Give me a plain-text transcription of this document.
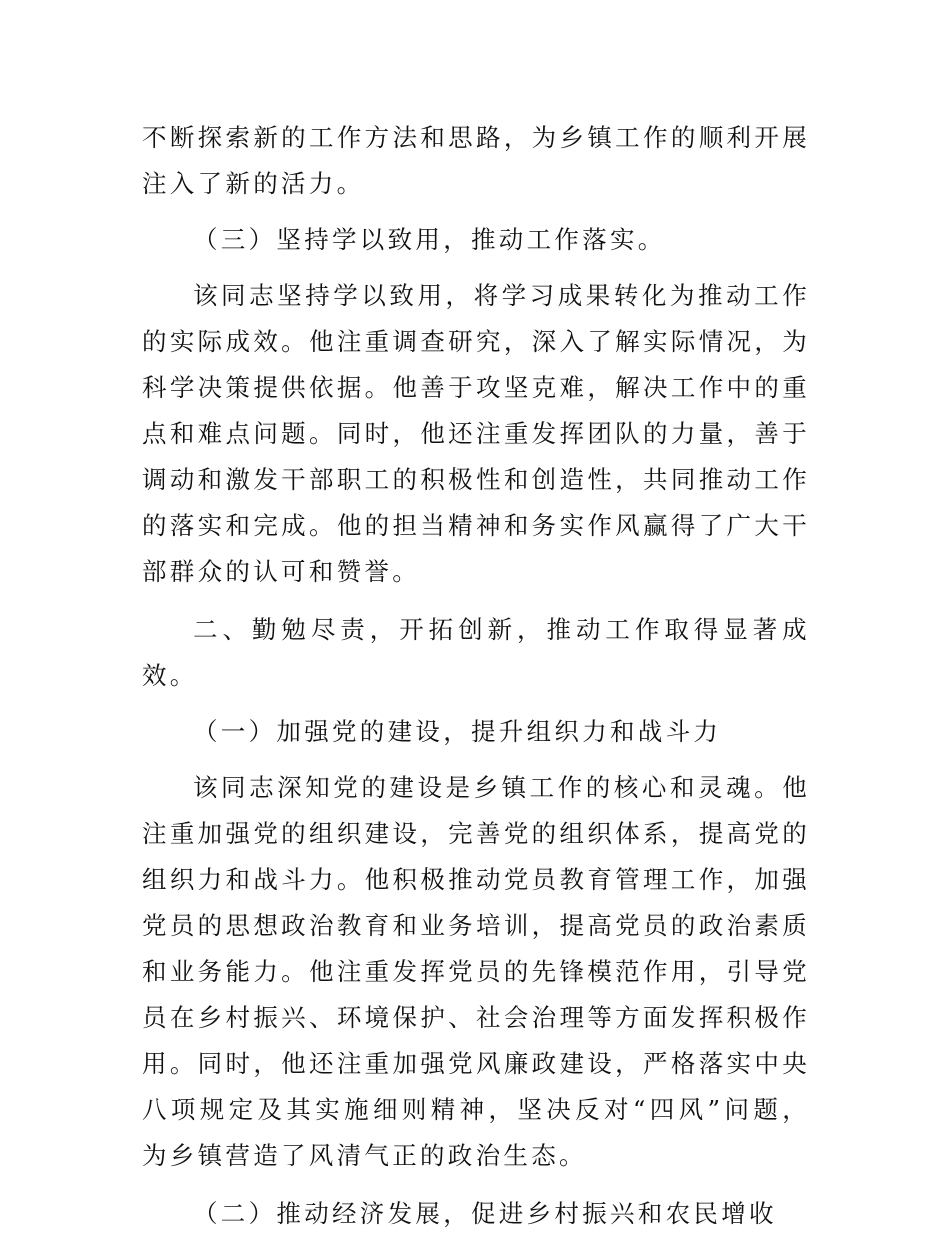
不断探索新的工作方法和思路，为乡镇工作的顺利开展注入了新的活力。

（三）坚持学以致用，推动工作落实。

该同志坚持学以致用，将学习成果转化为推动工作的实际成效。他注重调查研究，深入了解实际情况，为科学决策提供依据。他善于攻坚克难，解决工作中的重点和难点问题。同时，他还注重发挥团队的力量，善于调动和激发干部职工的积极性和创造性，共同推动工作的落实和完成。他的担当精神和务实作风赢得了广大干部群众的认可和赞誉。

二、勤勉尽责，开拓创新，推动工作取得显著成效。

（一）加强党的建设，提升组织力和战斗力

该同志深知党的建设是乡镇工作的核心和灵魂。他注重加强党的组织建设，完善党的组织体系，提高党的组织力和战斗力。他积极推动党员教育管理工作，加强党员的思想政治教育和业务培训，提高党员的政治素质和业务能力。他注重发挥党员的先锋模范作用，引导党员在乡村振兴、环境保护、社会治理等方面发挥积极作用。同时，他还注重加强党风廉政建设，严格落实中央八项规定及其实施细则精神，坚决反对“四风”问题，为乡镇营造了风清气正的政治生态。

（二）推动经济发展，促进乡村振兴和农民增收
